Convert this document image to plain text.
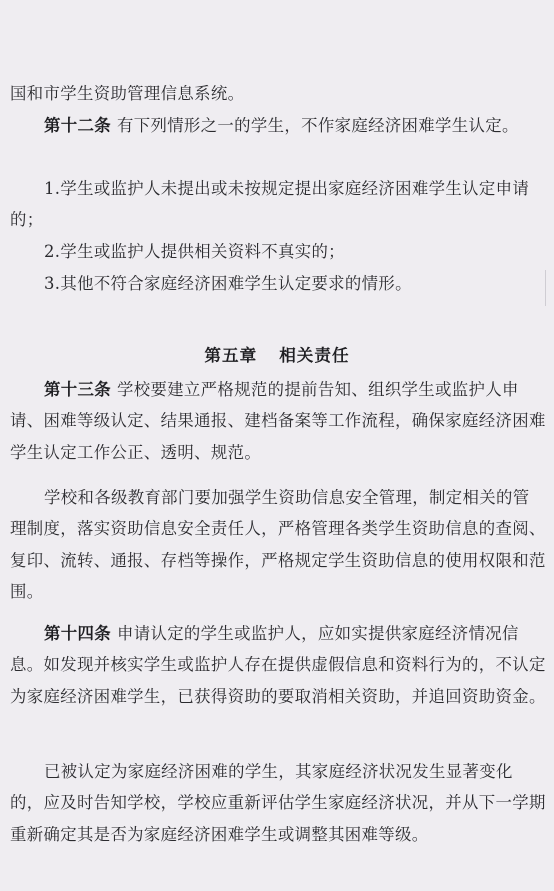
国和市学生资助管理信息系统。

第十二条 有下列情形之一的学生，不作家庭经济困难学生认定。

1.学生或监护人未提出或未按规定提出家庭经济困难学生认定申请的；

2.学生或监护人提供相关资料不真实的；

3.其他不符合家庭经济困难学生认定要求的情形。

第五章 相关责任

第十三条 学校要建立严格规范的提前告知、组织学生或监护人申请、困难等级认定、结果通报、建档备案等工作流程，确保家庭经济困难学生认定工作公正、透明、规范。

学校和各级教育部门要加强学生资助信息安全管理，制定相关的管理制度，落实资助信息安全责任人，严格管理各类学生资助信息的查阅、复印、流转、通报、存档等操作，严格规定学生资助信息的使用权限和范围。

第十四条 申请认定的学生或监护人，应如实提供家庭经济情况信息。如发现并核实学生或监护人存在提供虚假信息和资料行为的，不认定为家庭经济困难学生，已获得资助的要取消相关资助，并追回资助资金。

已被认定为家庭经济困难的学生，其家庭经济状况发生显著变化的，应及时告知学校，学校应重新评估学生家庭经济状况，并从下一学期重新确定其是否为家庭经济困难学生或调整其困难等级。
